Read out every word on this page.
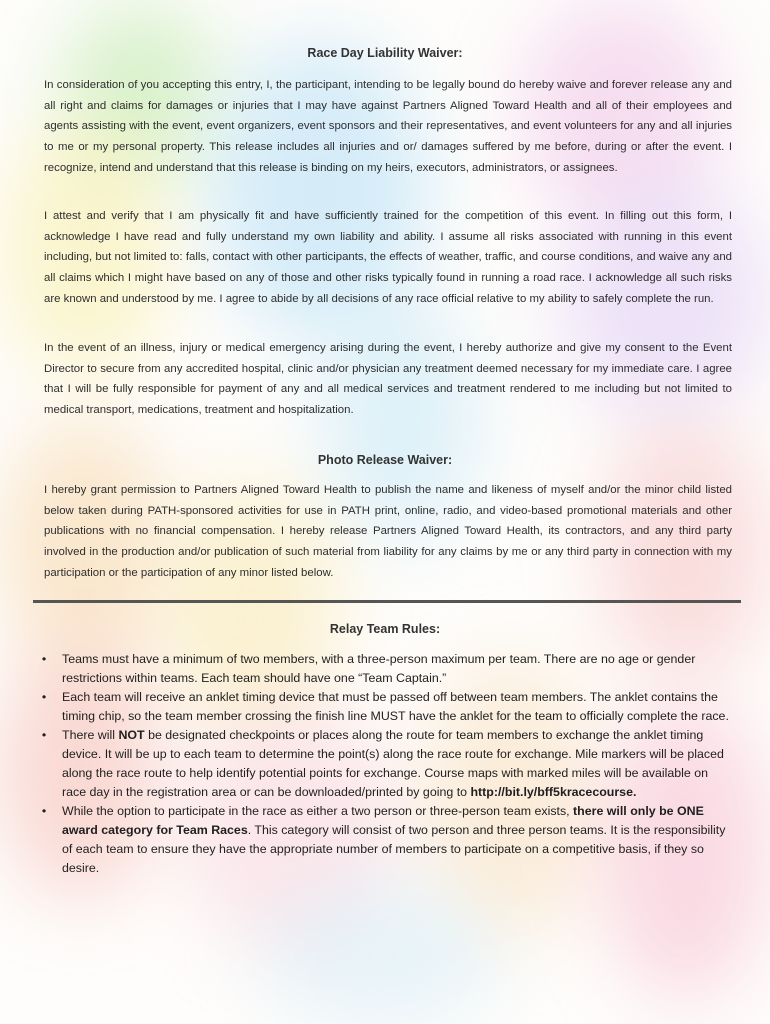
Race Day Liability Waiver:
In consideration of you accepting this entry, I, the participant, intending to be legally bound do hereby waive and forever release any and all right and claims for damages or injuries that I may have against Partners Aligned Toward Health and all of their employees and agents assisting with the event, event organizers, event sponsors and their representatives, and event volunteers for any and all injuries to me or my personal property. This release includes all injuries and or/ damages suffered by me before, during or after the event. I recognize, intend and understand that this release is binding on my heirs, executors, administrators, or assignees.
I attest and verify that I am physically fit and have sufficiently trained for the competition of this event. In filling out this form, I acknowledge I have read and fully understand my own liability and ability. I assume all risks associated with running in this event including, but not limited to: falls, contact with other participants, the effects of weather, traffic, and course conditions, and waive any and all claims which I might have based on any of those and other risks typically found in running a road race. I acknowledge all such risks are known and understood by me. I agree to abide by all decisions of any race official relative to my ability to safely complete the run.
In the event of an illness, injury or medical emergency arising during the event, I hereby authorize and give my consent to the Event Director to secure from any accredited hospital, clinic and/or physician any treatment deemed necessary for my immediate care. I agree that I will be fully responsible for payment of any and all medical services and treatment rendered to me including but not limited to medical transport, medications, treatment and hospitalization.
Photo Release Waiver:
I hereby grant permission to Partners Aligned Toward Health to publish the name and likeness of myself and/or the minor child listed below taken during PATH-sponsored activities for use in PATH print, online, radio, and video-based promotional materials and other publications with no financial compensation. I hereby release Partners Aligned Toward Health, its contractors, and any third party involved in the production and/or publication of such material from liability for any claims by me or any third party in connection with my participation or the participation of any minor listed below.
Relay Team Rules:
•	Teams must have a minimum of two members, with a three-person maximum per team. There are no age or gender restrictions within teams. Each team should have one “Team Captain.”
•	Each team will receive an anklet timing device that must be passed off between team members. The anklet contains the timing chip, so the team member crossing the finish line MUST have the anklet for the team to officially complete the race.
•	There will NOT be designated checkpoints or places along the route for team members to exchange the anklet timing device. It will be up to each team to determine the point(s) along the race route for exchange. Mile markers will be placed along the race route to help identify potential points for exchange. Course maps with marked miles will be available on race day in the registration area or can be downloaded/printed by going to http://bit.ly/bff5kracecourse.
•	While the option to participate in the race as either a two person or three-person team exists, there will only be ONE award category for Team Races. This category will consist of two person and three person teams. It is the responsibility of each team to ensure they have the appropriate number of members to participate on a competitive basis, if they so desire.
